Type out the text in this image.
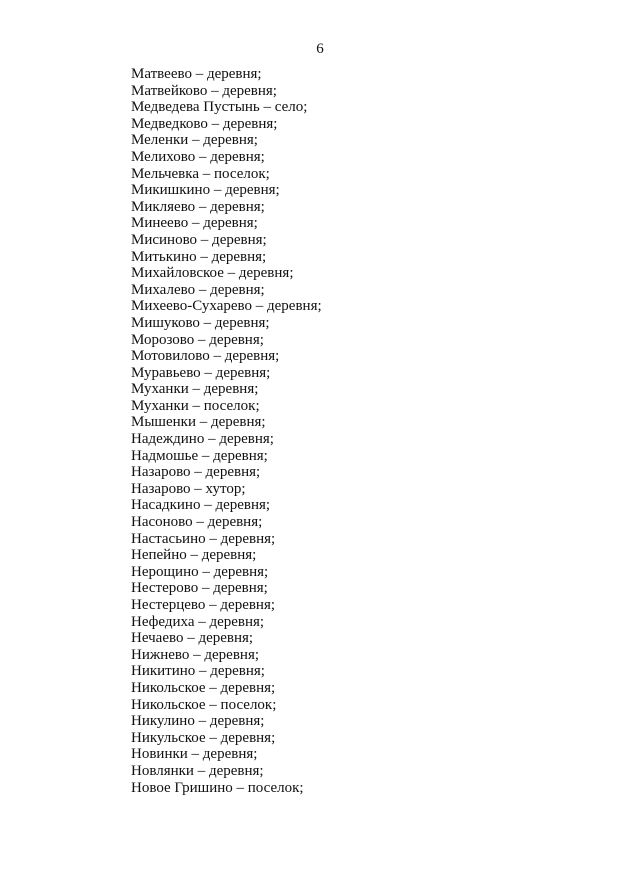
6
Матвеево – деревня;
Матвейково – деревня;
Медведева Пустынь – село;
Медведково – деревня;
Меленки – деревня;
Мелихово – деревня;
Мельчевка – поселок;
Микишкино – деревня;
Микляево – деревня;
Минеево – деревня;
Мисиново – деревня;
Митькино – деревня;
Михайловское – деревня;
Михалево – деревня;
Михеево-Сухарево – деревня;
Мишуково – деревня;
Морозово – деревня;
Мотовилово – деревня;
Муравьево – деревня;
Муханки – деревня;
Муханки – поселок;
Мышенки – деревня;
Надеждино – деревня;
Надмошье – деревня;
Назарово – деревня;
Назарово – хутор;
Насадкино – деревня;
Насоново – деревня;
Настасьино – деревня;
Непейно – деревня;
Нерощино – деревня;
Нестерово – деревня;
Нестерцево – деревня;
Нефедиха – деревня;
Нечаево – деревня;
Нижнево – деревня;
Никитино – деревня;
Никольское – деревня;
Никольское – поселок;
Никулино – деревня;
Никульское – деревня;
Новинки – деревня;
Новлянки – деревня;
Новое Гришино – поселок;
